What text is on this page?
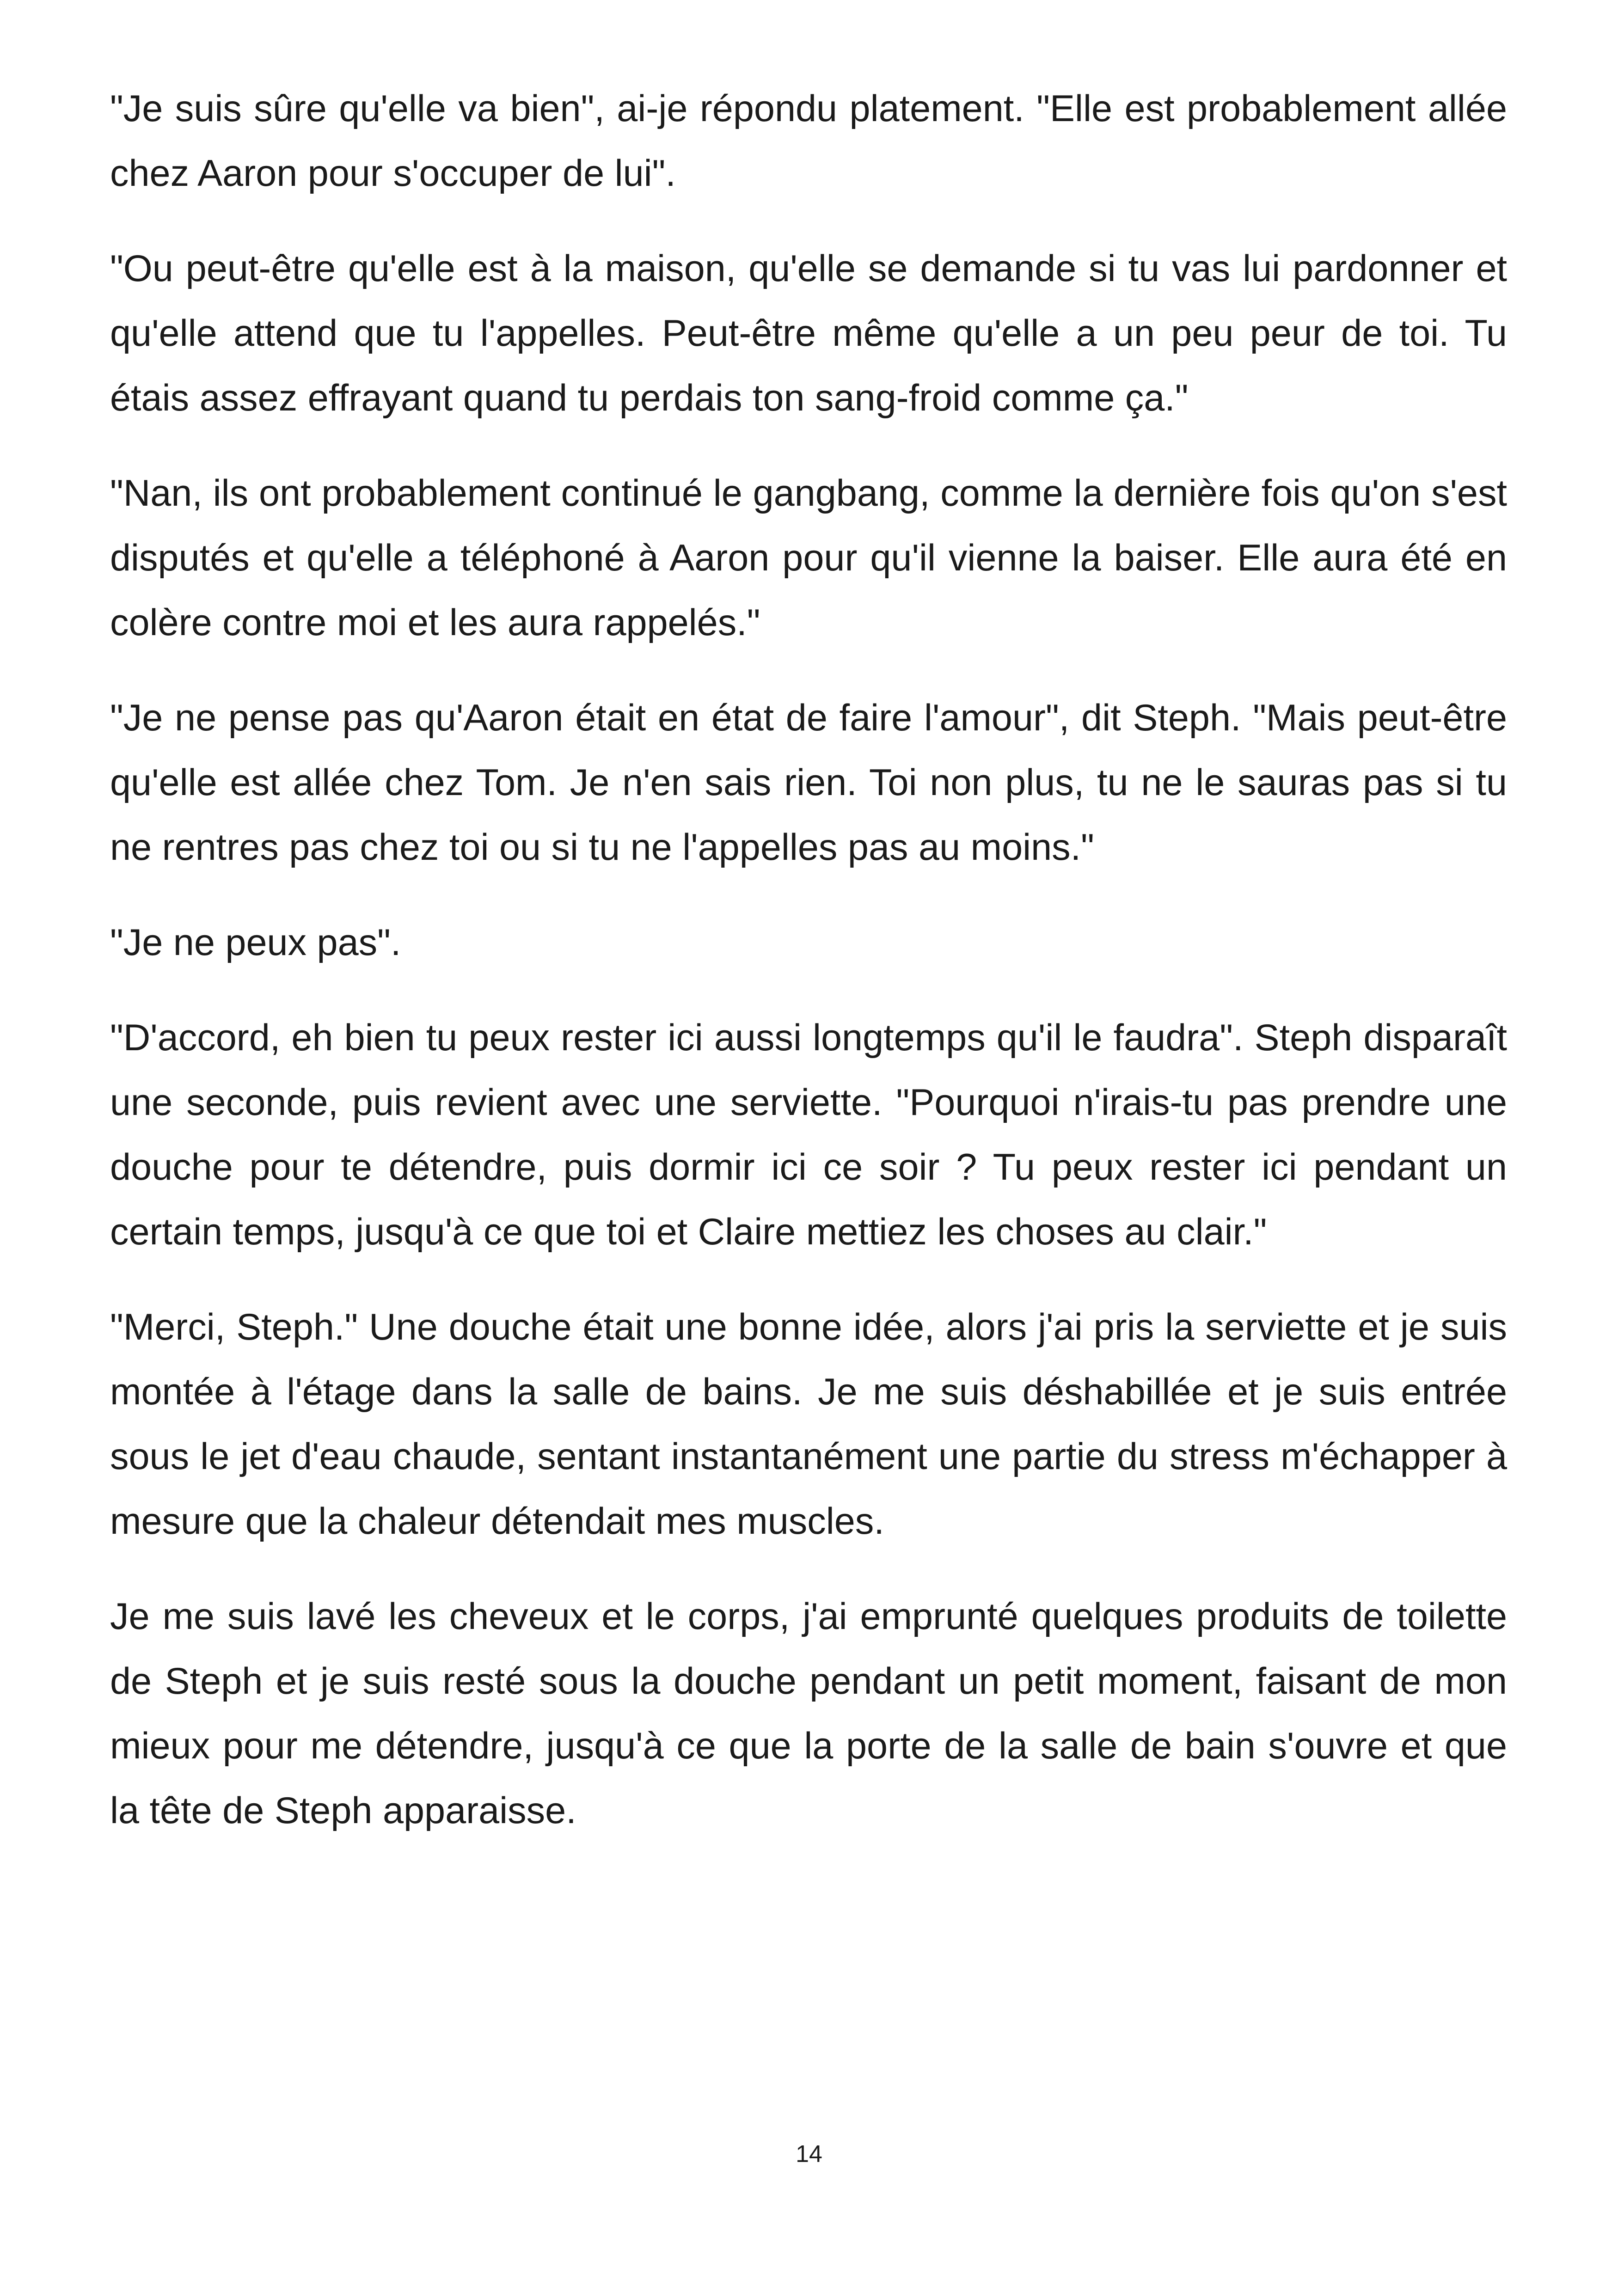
"Je suis sûre qu'elle va bien", ai-je répondu platement. "Elle est probablement allée chez Aaron pour s'occuper de lui".

"Ou peut-être qu'elle est à la maison, qu'elle se demande si tu vas lui pardonner et qu'elle attend que tu l'appelles. Peut-être même qu'elle a un peu peur de toi. Tu étais assez effrayant quand tu perdais ton sang-froid comme ça."

"Nan, ils ont probablement continué le gangbang, comme la dernière fois qu'on s'est disputés et qu'elle a téléphoné à Aaron pour qu'il vienne la baiser. Elle aura été en colère contre moi et les aura rappelés."

"Je ne pense pas qu'Aaron était en état de faire l'amour", dit Steph. "Mais peut-être qu'elle est allée chez Tom. Je n'en sais rien. Toi non plus, tu ne le sauras pas si tu ne rentres pas chez toi ou si tu ne l'appelles pas au moins."

"Je ne peux pas".

"D'accord, eh bien tu peux rester ici aussi longtemps qu'il le faudra". Steph disparaît une seconde, puis revient avec une serviette. "Pourquoi n'irais-tu pas prendre une douche pour te détendre, puis dormir ici ce soir ? Tu peux rester ici pendant un certain temps, jusqu'à ce que toi et Claire mettiez les choses au clair."

"Merci, Steph." Une douche était une bonne idée, alors j'ai pris la serviette et je suis montée à l'étage dans la salle de bains. Je me suis déshabillée et je suis entrée sous le jet d'eau chaude, sentant instantanément une partie du stress m'échapper à mesure que la chaleur détendait mes muscles.

Je me suis lavé les cheveux et le corps, j'ai emprunté quelques produits de toilette de Steph et je suis resté sous la douche pendant un petit moment, faisant de mon mieux pour me détendre, jusqu'à ce que la porte de la salle de bain s'ouvre et que la tête de Steph apparaisse.

14
